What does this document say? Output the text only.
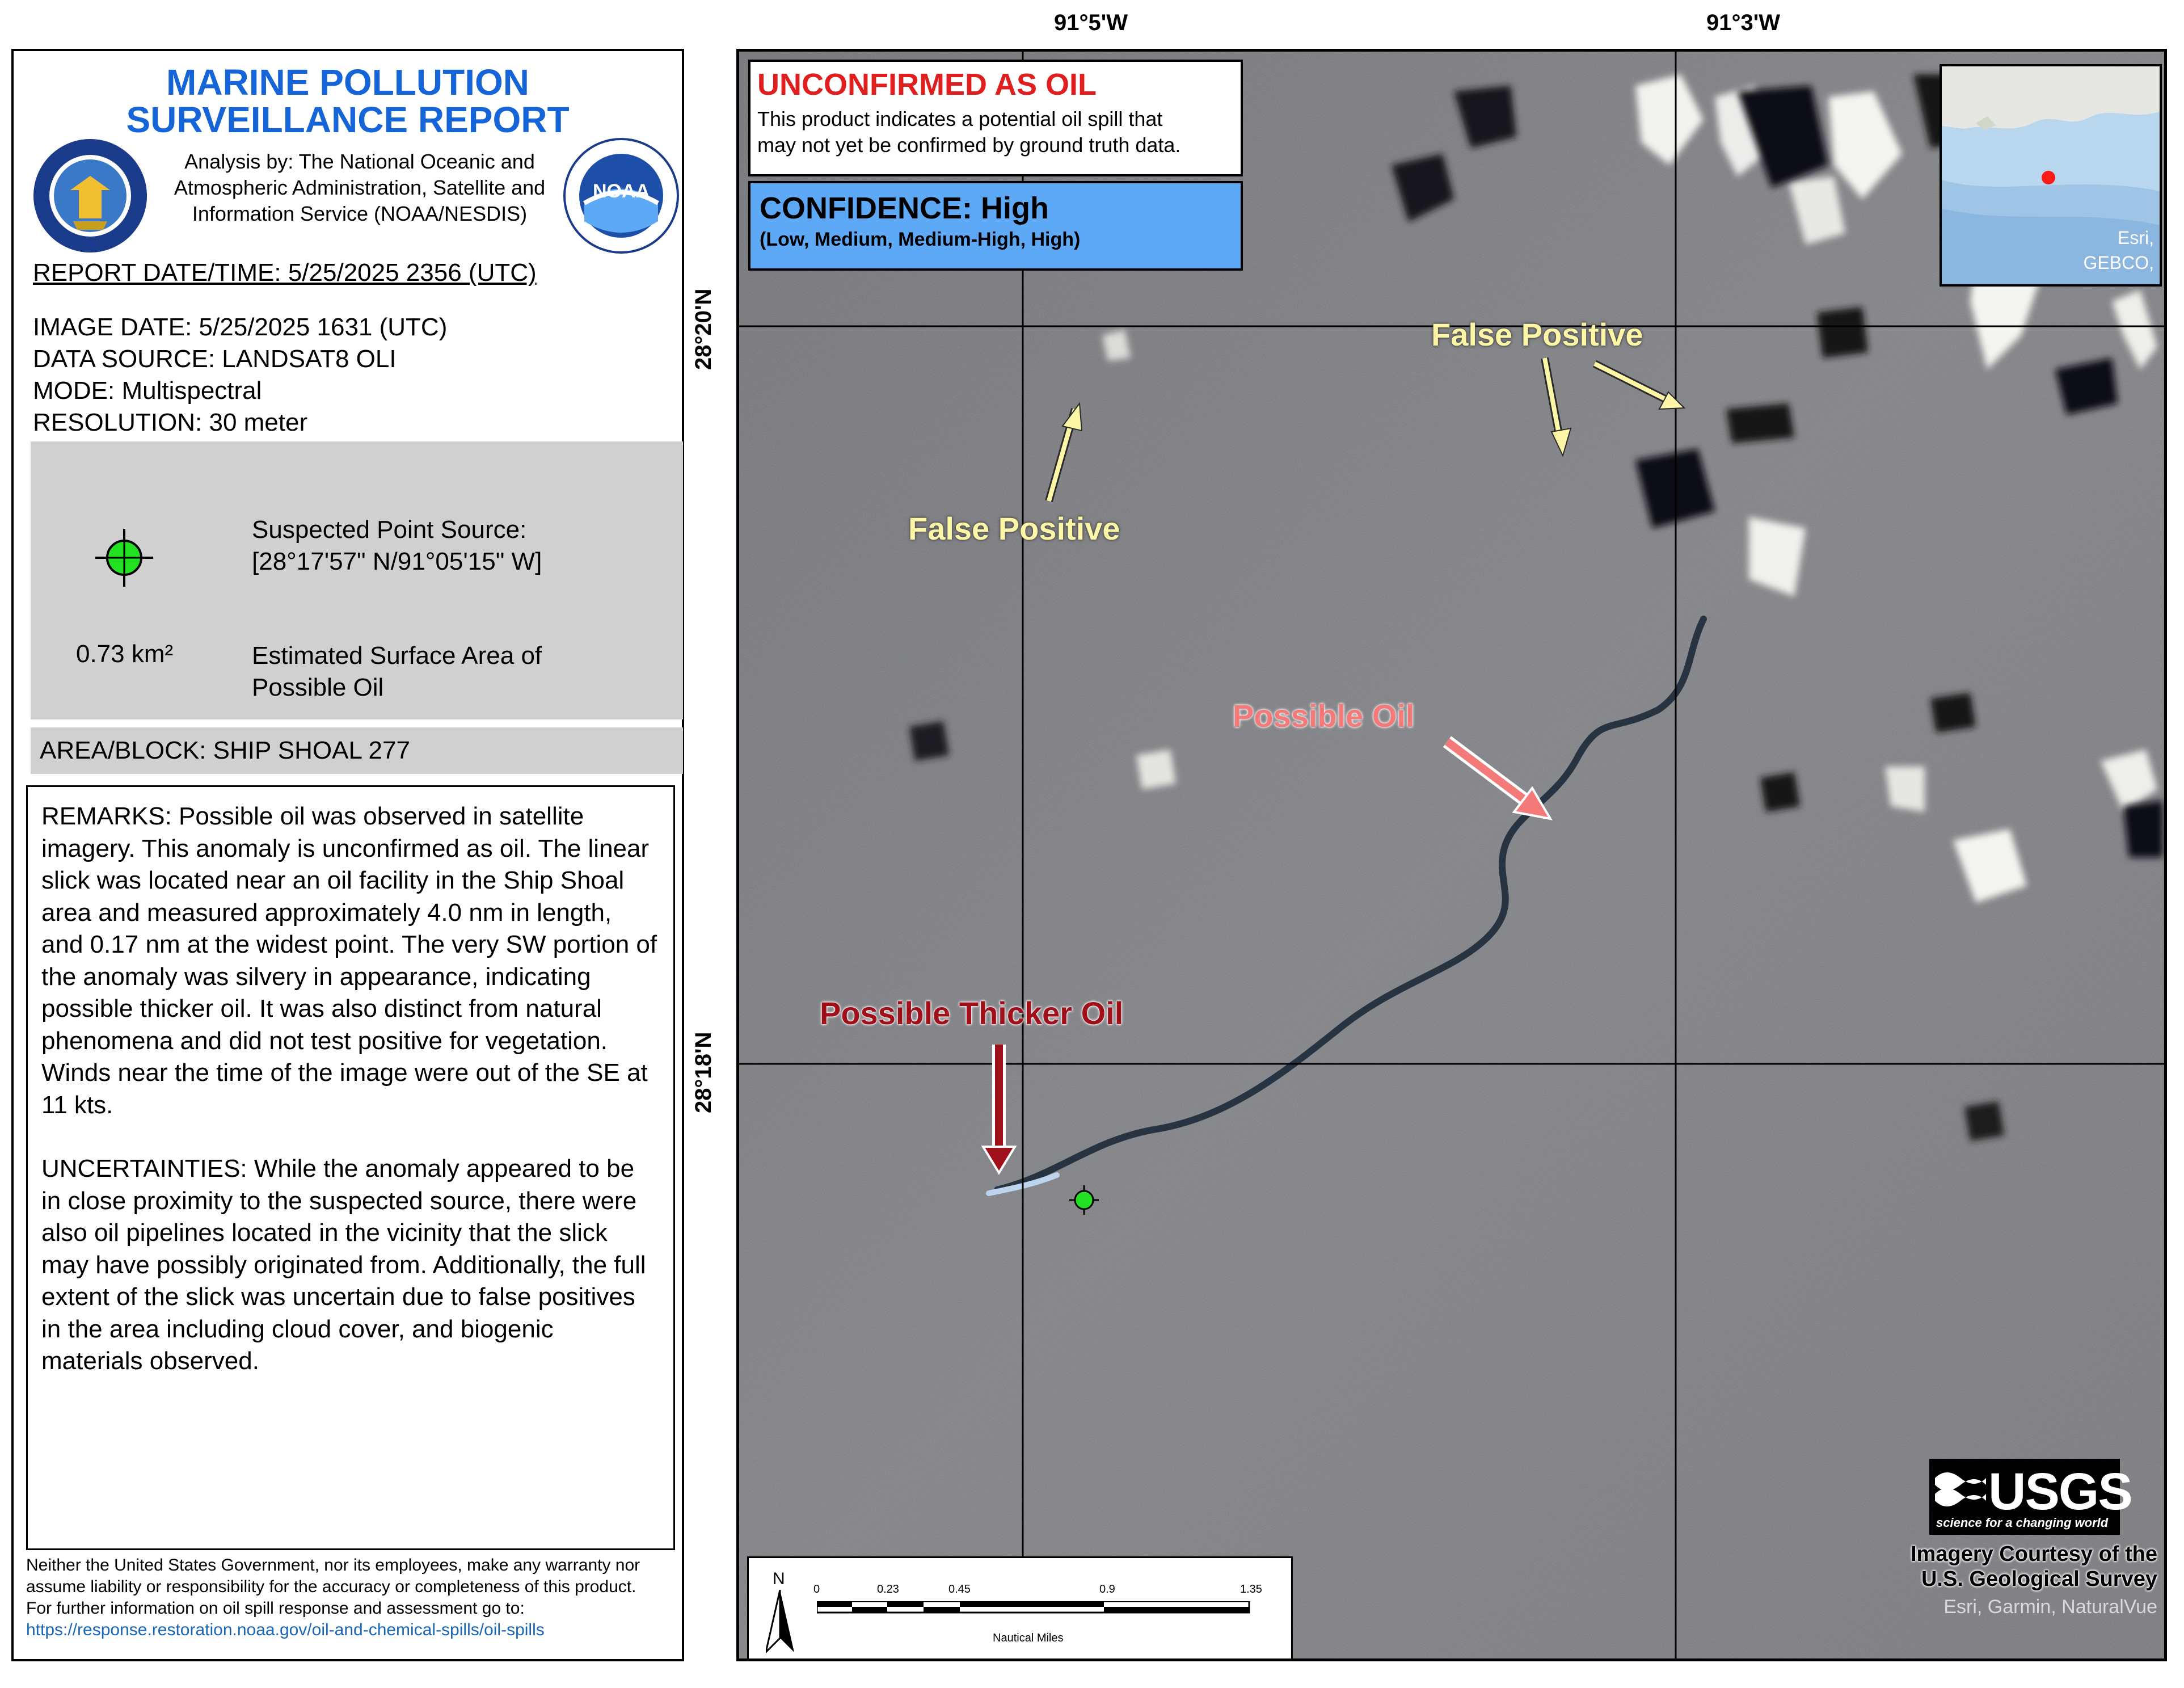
MARINE POLLUTION
SURVEILLANCE REPORT
NOAA
Analysis by: The National Oceanic and
Atmospheric Administration, Satellite and
Information Service (NOAA/NESDIS)
REPORT DATE/TIME: 5/25/2025 2356 (UTC)
IMAGE DATE: 5/25/2025 1631 (UTC)
DATA SOURCE: LANDSAT8 OLI
MODE: Multispectral
RESOLUTION: 30 meter
Suspected Point Source:
[28°17'57" N/91°05'15" W]
0.73 km²	Estimated Surface Area of
Possible Oil
AREA/BLOCK: SHIP SHOAL 277

REMARKS: Possible oil was observed in satellite imagery. This anomaly is unconfirmed as oil. The linear slick was located near an oil facility in the Ship Shoal area and measured approximately 4.0 nm in length, and 0.17 nm at the widest point. The very SW portion of the anomaly was silvery in appearance, indicating possible thicker oil. It was also distinct from natural phenomena and did not test positive for vegetation. Winds near the time of the image were out of the SE at 11 kts.

UNCERTAINTIES: While the anomaly appeared to be in close proximity to the suspected source, there were also oil pipelines located in the vicinity that the slick may have possibly originated from. Additionally, the full extent of the slick was uncertain due to false positives in the area including cloud cover, and biogenic materials observed.

Neither the United States Government, nor its employees, make any warranty nor assume liability or responsibility for the accuracy or completeness of this product.
For further information on oil spill response and assessment go to: https://response.restoration.noaa.gov/oil-and-chemical-spills/oil-spills
91°5'W	91°3'W
28°20'N
28°18'N
False Positive
False Positive
Possible Oil
Possible Thicker Oil
UNCONFIRMED AS OIL
This product indicates a potential oil spill that
may not yet be confirmed by ground truth data.
CONFIDENCE: High
(Low, Medium, Medium-High, High)	Esri,
GEBCO,
N
0	0.23	0.45	0.9	1.35
Nautical Miles
USGS
science for a changing world
Imagery Courtesy of the
U.S. Geological Survey
Esri, Garmin, NaturalVue
